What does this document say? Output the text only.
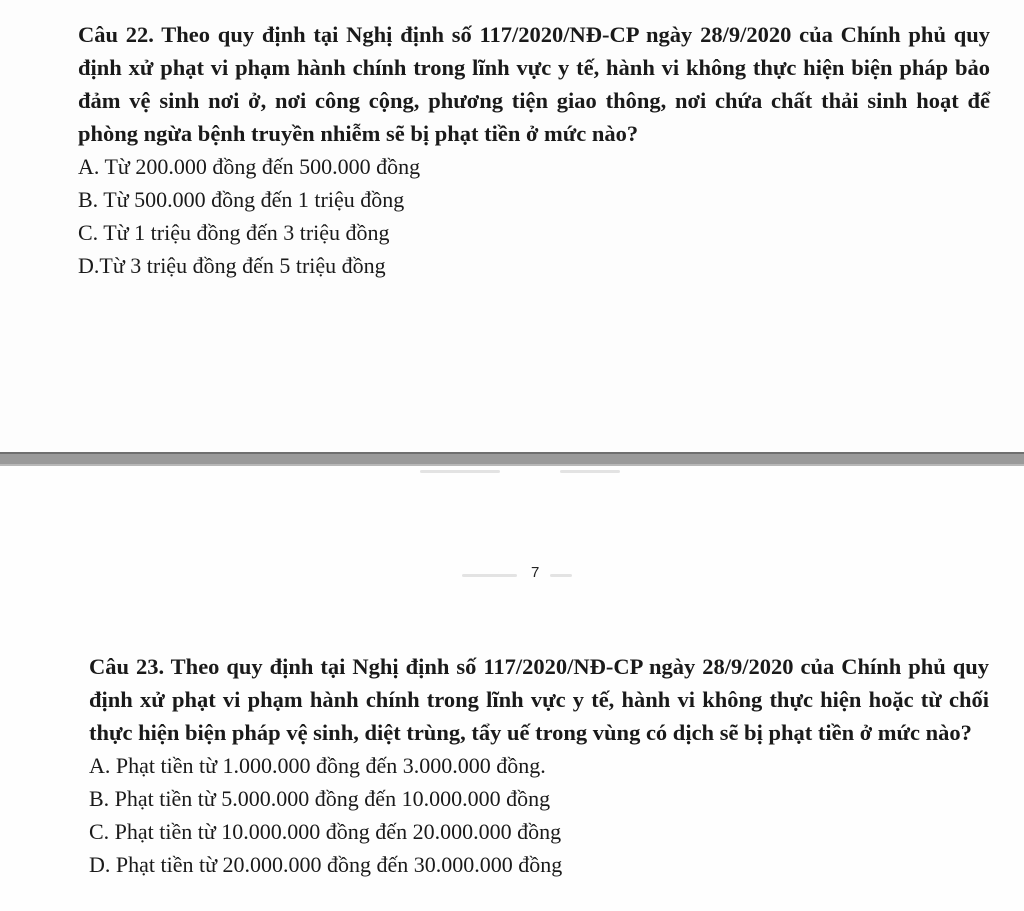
Câu 22. Theo quy định tại Nghị định số 117/2020/NĐ-CP ngày 28/9/2020 của Chính phủ quy định xử phạt vi phạm hành chính trong lĩnh vực y tế, hành vi không thực hiện biện pháp bảo đảm vệ sinh nơi ở, nơi công cộng, phương tiện giao thông, nơi chứa chất thải sinh hoạt để phòng ngừa bệnh truyền nhiễm sẽ bị phạt tiền ở mức nào?

A. Từ 200.000 đồng đến 500.000 đồng
B. Từ 500.000 đồng đến 1 triệu đồng
C. Từ 1 triệu đồng đến 3 triệu đồng
D.Từ 3 triệu đồng đến 5 triệu đồng
7

Câu 23. Theo quy định tại Nghị định số 117/2020/NĐ-CP ngày 28/9/2020 của Chính phủ quy định xử phạt vi phạm hành chính trong lĩnh vực y tế, hành vi không thực hiện hoặc từ chối thực hiện biện pháp vệ sinh, diệt trùng, tẩy uế trong vùng có dịch sẽ bị phạt tiền ở mức nào?

A. Phạt tiền từ 1.000.000 đồng đến 3.000.000 đồng.
B. Phạt tiền từ 5.000.000 đồng đến 10.000.000 đồng
C. Phạt tiền từ 10.000.000 đồng đến 20.000.000 đồng
D. Phạt tiền từ 20.000.000 đồng đến 30.000.000 đồng
